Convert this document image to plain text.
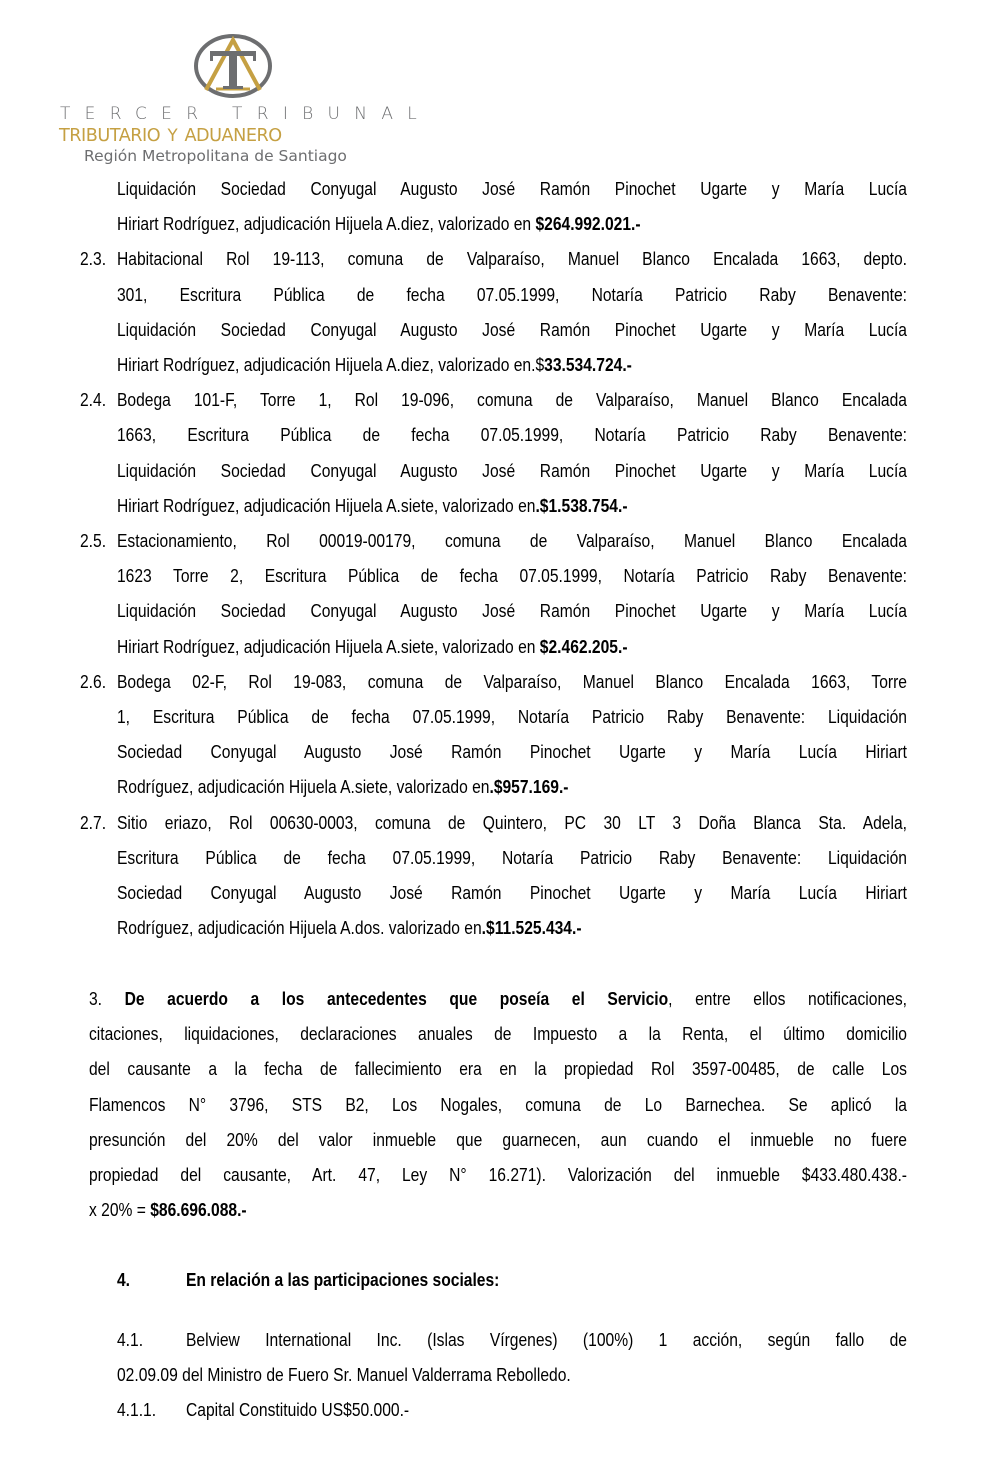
TERCER TRIBUNAL
tributario Y aduanero
Región Metropolitana de Santiago
Liquidación Sociedad Conyugal Augusto José Ramón Pinochet Ugarte y María Lucía
Hiriart Rodríguez, adjudicación Hijuela A.diez, valorizado en $264.992.021.-
2.3. Habitacional Rol 19-113, comuna de Valparaíso, Manuel Blanco Encalada 1663, depto.
301, Escritura Pública de fecha 07.05.1999, Notaría Patricio Raby Benavente:
Liquidación Sociedad Conyugal Augusto José Ramón Pinochet Ugarte y María Lucía
Hiriart Rodríguez, adjudicación Hijuela A.diez, valorizado en.$33.534.724.-
2.4. Bodega 101-F, Torre 1, Rol 19-096, comuna de Valparaíso, Manuel Blanco Encalada
1663, Escritura Pública de fecha 07.05.1999, Notaría Patricio Raby Benavente:
Liquidación Sociedad Conyugal Augusto José Ramón Pinochet Ugarte y María Lucía
Hiriart Rodríguez, adjudicación Hijuela A.siete, valorizado en.$1.538.754.-
2.5. Estacionamiento, Rol 00019-00179, comuna de Valparaíso, Manuel Blanco Encalada
1623 Torre 2, Escritura Pública de fecha 07.05.1999, Notaría Patricio Raby Benavente:
Liquidación Sociedad Conyugal Augusto José Ramón Pinochet Ugarte y María Lucía
Hiriart Rodríguez, adjudicación Hijuela A.siete, valorizado en $2.462.205.-
2.6. Bodega 02-F, Rol 19-083, comuna de Valparaíso, Manuel Blanco Encalada 1663, Torre
1, Escritura Pública de fecha 07.05.1999, Notaría Patricio Raby Benavente: Liquidación
Sociedad Conyugal Augusto José Ramón Pinochet Ugarte y María Lucía Hiriart
Rodríguez, adjudicación Hijuela A.siete, valorizado en.$957.169.-
2.7. Sitio eriazo, Rol 00630-0003, comuna de Quintero, PC 30 LT 3 Doña Blanca Sta. Adela,
Escritura Pública de fecha 07.05.1999, Notaría Patricio Raby Benavente: Liquidación
Sociedad Conyugal Augusto José Ramón Pinochet Ugarte y María Lucía Hiriart
Rodríguez, adjudicación Hijuela A.dos. valorizado en.$11.525.434.-
3. De acuerdo a los antecedentes que poseía el Servicio, entre ellos notificaciones,
citaciones, liquidaciones, declaraciones anuales de Impuesto a la Renta, el último domicilio
del causante a la fecha de fallecimiento era en la propiedad Rol 3597-00485, de calle Los
Flamencos N° 3796, STS B2, Los Nogales, comuna de Lo Barnechea. Se aplicó la
presunción del 20% del valor inmueble que guarnecen, aun cuando el inmueble no fuere
propiedad del causante, Art. 47, Ley N° 16.271). Valorización del inmueble $433.480.438.-
x 20% = $86.696.088.-
4.	En relación a las participaciones sociales:
4.1. Belview International Inc. (Islas Vírgenes) (100%) 1 acción, según fallo de
02.09.09 del Ministro de Fuero Sr. Manuel Valderrama Rebolledo.
4.1.1.	Capital Constituido US$50.000.-
